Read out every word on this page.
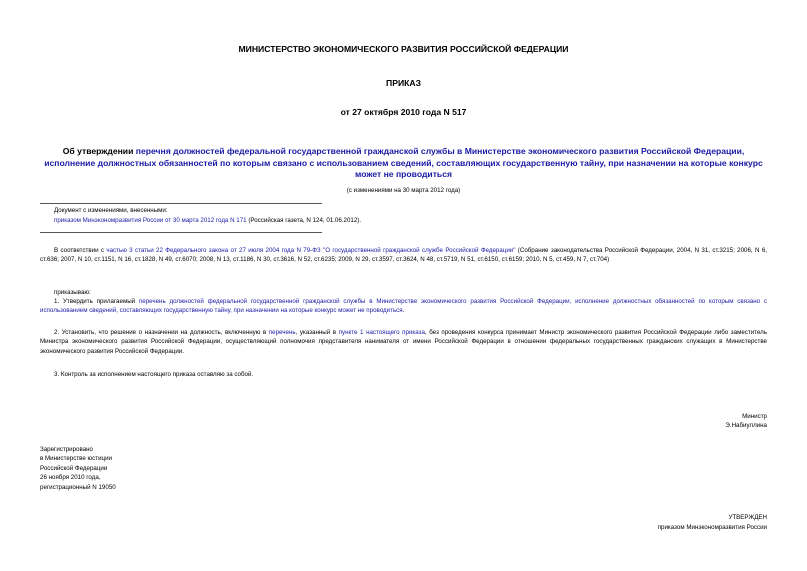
МИНИСТЕРСТВО ЭКОНОМИЧЕСКОГО РАЗВИТИЯ РОССИЙСКОЙ ФЕДЕРАЦИИ
ПРИКАЗ
от 27 октября 2010 года N 517
Об утверждении перечня должностей федеральной государственной гражданской службы в Министерстве экономического развития Российской Федерации, исполнение должностных обязанностей по которым связано с использованием сведений, составляющих государственную тайну, при назначении на которые конкурс может не проводиться
(с изменениями на 30 марта 2012 года)
Документ с изменениями, внесенными:
приказом Минэкономразвития России от 30 марта 2012 года N 171 (Российская газета, N 124, 01.06.2012).

В соответствии с частью 3 статьи 22 Федерального закона от 27 июля 2004 года N 79-ФЗ "О государственной гражданской службе Российской Федерации" (Собрание законодательства Российской Федерации, 2004, N 31, ст.3215; 2006, N 6, ст.636; 2007, N 10, ст.1151, N 16, ст.1828, N 49, ст.6070; 2008, N 13, ст.1186, N 30, ст.3616, N 52, ст.6235; 2009, N 29, ст.3597, ст.3624, N 48, ст.5719, N 51, ст.6150, ст.6159; 2010, N 5, ст.459, N 7, ст.704)

приказываю:

1. Утвердить прилагаемый перечень должностей федеральной государственной гражданской службы в Министерстве экономического развития Российской Федерации, исполнение должностных обязанностей по которым связано с использованием сведений, составляющих государственную тайну, при назначении на которые конкурс может не проводиться.

2. Установить, что решение о назначении на должность, включенную в перечень, указанный в пункте 1 настоящего приказа, без проведения конкурса принимает Министр экономического развития Российской Федерации либо заместитель Министра экономического развития Российской Федерации, осуществляющий полномочия представителя нанимателя от имени Российской Федерации в отношении федеральных государственных гражданских служащих в Министерстве экономического развития Российской Федерации.

3. Контроль за исполнением настоящего приказа оставляю за собой.
Министр
Э.Набиуллина
Зарегистрировано
в Министерстве юстиции
Российской Федерации
26 ноября 2010 года,
регистрационный N 19050
УТВЕРЖДЕН
приказом Минэкономразвития России
